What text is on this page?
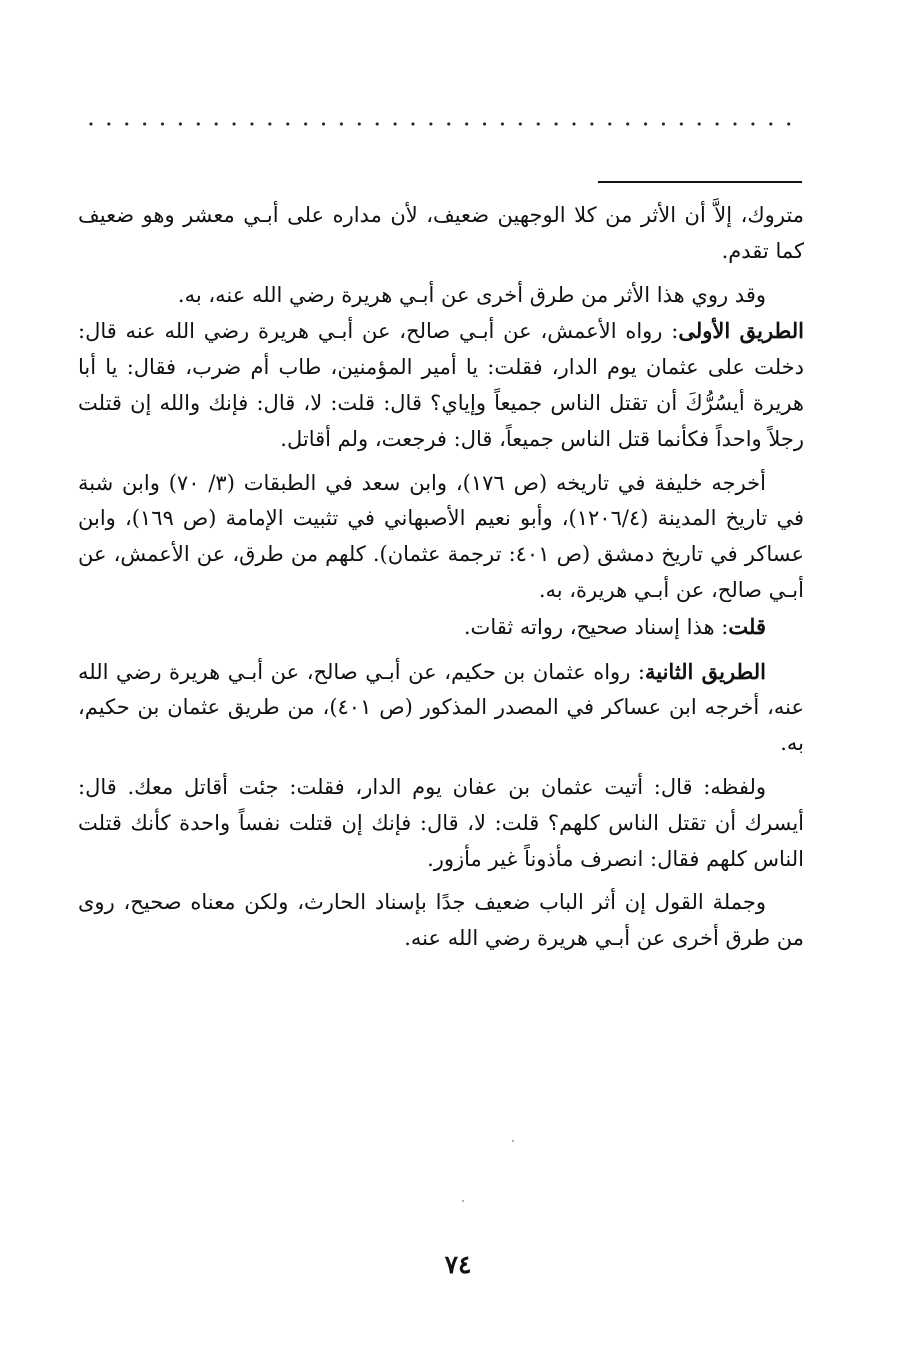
متروك، إلاَّ أن الأثر من كلا الوجهين ضعيف، لأن مداره على أبـي معشر وهو ضعيف كما تقدم.

وقد روي هذا الأثر من طرق أخرى عن أبـي هريرة رضي الله عنه، به.

الطريق الأولى: رواه الأعمش، عن أبـي صالح، عن أبـي هريرة رضي الله عنه قال: دخلت على عثمان يوم الدار، فقلت: يا أمير المؤمنين، طاب أم ضرب، فقال: يا أبا هريرة أيسُرُّكَ أن تقتل الناس جميعاً وإياي؟ قال: قلت: لا، قال: فإنك والله إن قتلت رجلاً واحداً فكأنما قتل الناس جميعاً، قال: فرجعت، ولم أقاتل.

أخرجه خليفة في تاريخه (ص ١٧٦)، وابن سعد في الطبقات (٣/ ٧٠) وابن شبة في تاريخ المدينة (١٢٠٦/٤)، وأبو نعيم الأصبهاني في تثبيت الإمامة (ص ١٦٩)، وابن عساكر في تاريخ دمشق (ص ٤٠١: ترجمة عثمان). كلهم من طرق، عن الأعمش، عن أبـي صالح، عن أبـي هريرة، به.

قلت: هذا إسناد صحيح، رواته ثقات.

الطريق الثانية: رواه عثمان بن حكيم، عن أبـي صالح، عن أبـي هريرة رضي الله عنه، أخرجه ابن عساكر في المصدر المذكور (ص ٤٠١)، من طريق عثمان بن حكيم، به.

ولفظه: قال: أتيت عثمان بن عفان يوم الدار، فقلت: جئت أقاتل معك. قال: أيسرك أن تقتل الناس كلهم؟ قلت: لا، قال: فإنك إن قتلت نفساً واحدة كأنك قتلت الناس كلهم فقال: انصرف مأذوناً غير مأزور.

وجملة القول إن أثر الباب ضعيف جدًا بإسناد الحارث، ولكن معناه صحيح، روى من طرق أخرى عن أبـي هريرة رضي الله عنه.

٧٤
